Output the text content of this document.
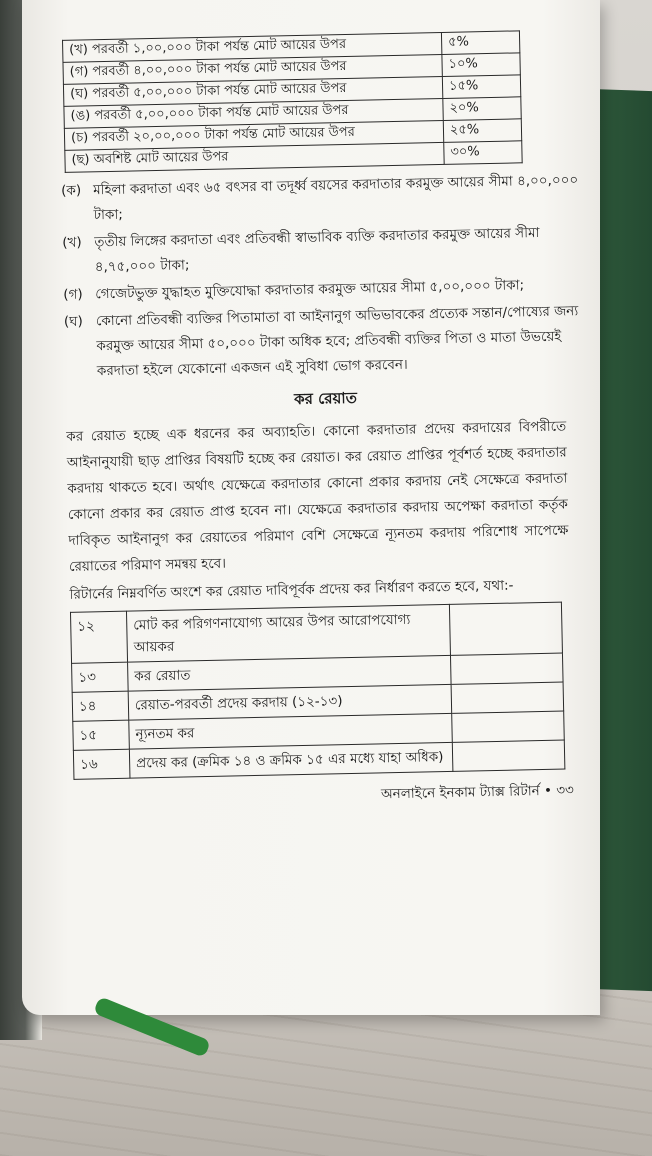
(খ) পরবর্তী ১,০০,০০০ টাকা পর্যন্ত মোট আয়ের উপর	৫%
(গ) পরবর্তী ৪,০০,০০০ টাকা পর্যন্ত মোট আয়ের উপর	১০%
(ঘ) পরবর্তী ৫,০০,০০০ টাকা পর্যন্ত মোট আয়ের উপর	১৫%
(ঙ) পরবর্তী ৫,০০,০০০ টাকা পর্যন্ত মোট আয়ের উপর	২০%
(চ) পরবর্তী ২০,০০,০০০ টাকা পর্যন্ত মোট আয়ের উপর	২৫%
(ছ) অবশিষ্ট মোট আয়ের উপর	৩০%
(ক) মহিলা করদাতা এবং ৬৫ বৎসর বা তদূর্ধ্ব বয়সের করদাতার করমুক্ত আয়ের সীমা ৪,০০,০০০ টাকা;
(খ) তৃতীয় লিঙ্গের করদাতা এবং প্রতিবন্ধী স্বাভাবিক ব্যক্তি করদাতার করমুক্ত আয়ের সীমা ৪,৭৫,০০০ টাকা;
(গ) গেজেটভুক্ত যুদ্ধাহত মুক্তিযোদ্ধা করদাতার করমুক্ত আয়ের সীমা ৫,০০,০০০ টাকা;
(ঘ) কোনো প্রতিবন্ধী ব্যক্তির পিতামাতা বা আইনানুগ অভিভাবকের প্রত্যেক সন্তান/পোষ্যের জন্য করমুক্ত আয়ের সীমা ৫০,০০০ টাকা অধিক হবে; প্রতিবন্ধী ব্যক্তির পিতা ও মাতা উভয়েই করদাতা হইলে যেকোনো একজন এই সুবিধা ভোগ করবেন।
কর রেয়াত

কর রেয়াত হচ্ছে এক ধরনের কর অব্যাহতি। কোনো করদাতার প্রদেয় করদায়ের বিপরীতে আইনানুযায়ী ছাড় প্রাপ্তির বিষয়টি হচ্ছে কর রেয়াত। কর রেয়াত প্রাপ্তির পূর্বশর্ত হচ্ছে করদাতার করদায় থাকতে হবে। অর্থাৎ যেক্ষেত্রে করদাতার কোনো প্রকার করদায় নেই সেক্ষেত্রে করদাতা কোনো প্রকার কর রেয়াত প্রাপ্ত হবেন না। যেক্ষেত্রে করদাতার করদায় অপেক্ষা করদাতা কর্তৃক দাবিকৃত আইনানুগ কর রেয়াতের পরিমাণ বেশি সেক্ষেত্রে ন্যূনতম করদায় পরিশোধ সাপেক্ষে রেয়াতের পরিমাণ সমন্বয় হবে।

রিটার্নের নিম্নবর্ণিত অংশে কর রেয়াত দাবিপূর্বক প্রদেয় কর নির্ধারণ করতে হবে, যথা:-

১২	মোট কর পরিগণনাযোগ্য আয়ের উপর আরোপযোগ্য আয়কর	
১৩	কর রেয়াত	
১৪	রেয়াত-পরবর্তী প্রদেয় করদায় (১২-১৩)	
১৫	ন্যূনতম কর	
১৬	প্রদেয় কর (ক্রমিক ১৪ ও ক্রমিক ১৫ এর মধ্যে যাহা অধিক)	
অনলাইনে ইনকাম ট্যাক্স রিটার্ন • ৩৩
